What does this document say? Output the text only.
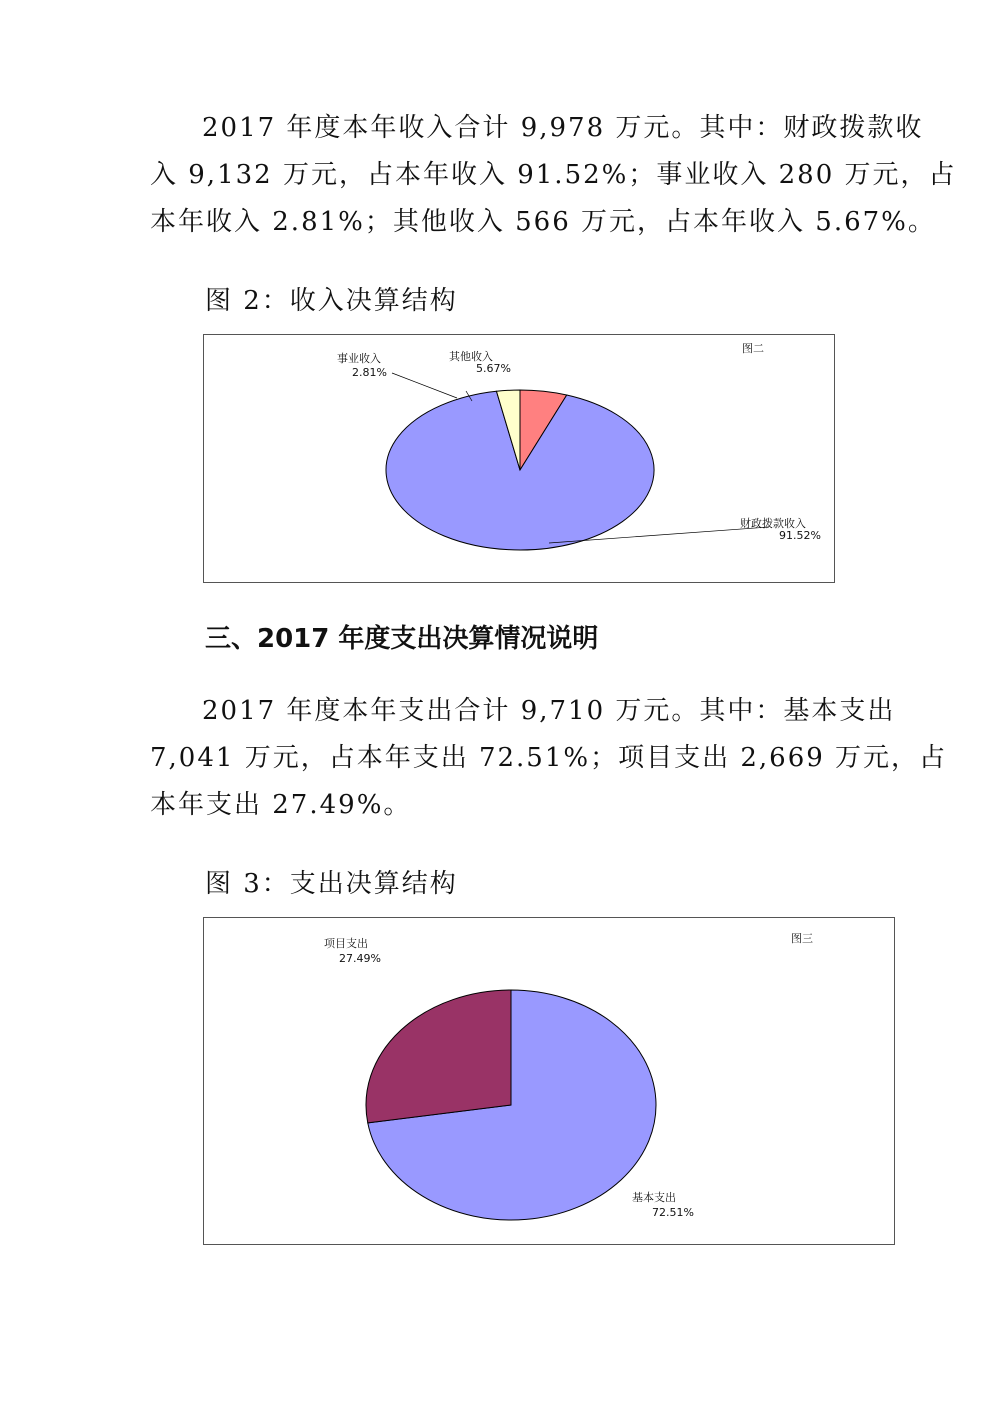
2017 年度本年收入合计 9,978 万元。其中：财政拨款收
入 9,132 万元，占本年收入 91.52%；事业收入 280 万元，占
本年收入 2.81%；其他收入 566 万元，占本年收入 5.67%。
图 2：收入决算结构
图二
事业收入
2.81%
其他收入
5.67%
财政拨款收入
91.52%
三、2017 年度支出决算情况说明
2017 年度本年支出合计 9,710 万元。其中：基本支出
7,041 万元，占本年支出 72.51%；项目支出 2,669 万元，占
本年支出 27.49%。
图 3：支出决算结构
图三
项目支出
27.49%
基本支出
72.51%
